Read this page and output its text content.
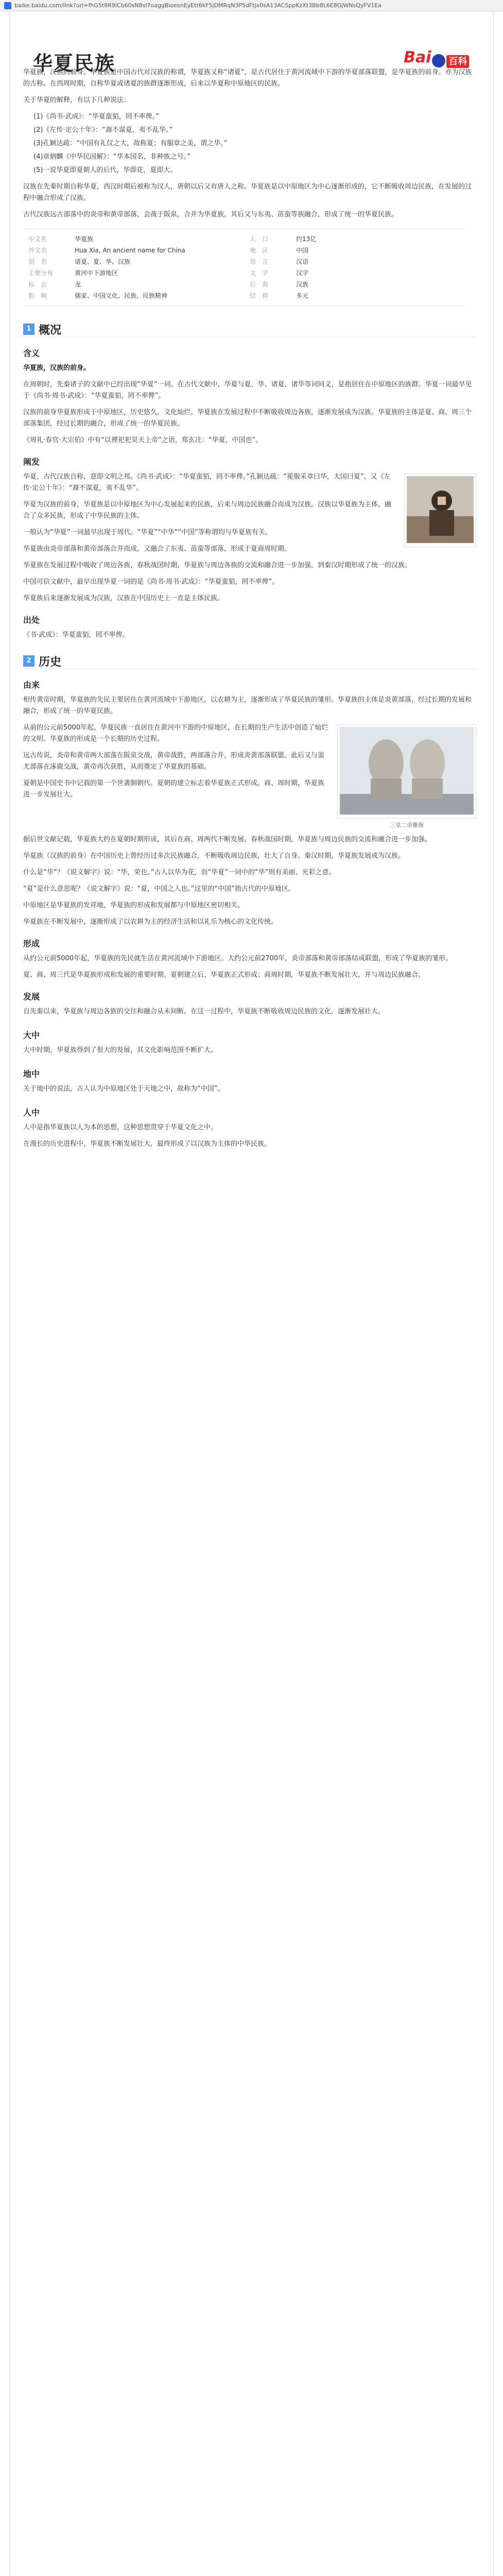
baike.baidu.com/link?url=fhG5t8R9iCb60sN8sI7oaggBioesnEyEtt6kF5jDMRqN3P5dFtjx0sA13ACSppKzXt3Bb8L6E8GjWNsQyFV1Ea
华夏民族	Bai 百科

华夏族，汉族的前身。华夏族是中国古代对汉族的称谓，华夏族又称“诸夏”，是古代居住于黄河流域中下游的华夏部落联盟，是华夏族的前身。亦为汉族的古称。在西周时期，自称华夏或诸夏的族群逐渐形成，后来以华夏称中原地区的民族。

关于华夏的解释，有以下几种说法：

(1)《尚书·武成》：“华夏蛮貊，罔不率俾。”
(2)《左传·定公十年》：“裔不谋夏，夷不乱华。”
(3)孔颖达疏：“中国有礼仪之大，故称夏；有服章之美，谓之华。”
(4)章炳麟《中华民国解》：“华本国名，非种族之号。”
(5)一说华夏即夏朝人的后代，华即花，夏即大。

汉族在先秦时期自称华夏，西汉时期后被称为汉人，唐朝以后又有唐人之称。华夏族是以中原地区为中心逐渐形成的，它不断吸收周边民族，在发展的过程中融合形成了汉族。

古代汉族远古部落中的炎帝和黄帝部落，会战于阪泉，合并为华夏族，其后又与东夷、苗蛮等族融合，形成了统一的华夏民族。

中文名	华夏族	人　口	约13亿
外文名	Hua Xia, An ancient name for China	地　区	中国
别　名	诸夏、夏、华、汉族	语　言	汉语
主要分布	黄河中下游地区	文　字	汉字
标　志	龙	后　裔	汉族
影　响	儒家、中国文化、民族、民族精神	信　仰	多元
1 概况
含义

华夏族，汉族的前身。

在周朝时，先秦诸子的文献中已经出现“华夏”一词。在古代文献中，华夏与夏、华、诸夏、诸华等词同义，是指居住在中原地区的族群。华夏一词最早见于《尚书·周书·武成》：“华夏蛮貊，罔不率俾”。

汉族的前身华夏族形成于中原地区，历史悠久，文化灿烂。华夏族在发展过程中不断吸收周边各族，逐渐发展成为汉族。华夏族的主体是夏、商、周三个部落集团，经过长期的融合，形成了统一的华夏民族。

《周礼·春官·大宗伯》中有“以禋祀祀昊天上帝”之语，郑玄注：“华夏，中国也”。

阐发

华夏，古代汉族自称，意即文明之邦。《尚书·武成》：“华夏蛮貊，罔不率俾。”孔颖达疏：“冕服采章曰华，大国曰夏”。又《左传·定公十年》：“裔不谋夏，夷不乱华”。

华夏为汉族的前身，华夏族是以中原地区为中心发展起来的民族，后来与周边民族融合而成为汉族。汉族以华夏族为主体，融合了众多民族，形成了中华民族的主体。

一般认为“华夏”一词最早出现于周代。“华夏”“中华”“中国”等称谓均与华夏族有关。

华夏族由炎帝部落和黄帝部落合并而成，又融合了东夷、苗蛮等部落，形成于夏商周时期。

华夏族在发展过程中吸收了周边各族，春秋战国时期，华夏族与周边各族的交流和融合进一步加强，到秦汉时期形成了统一的汉族。

中国可信文献中，最早出现华夏一词的是《尚书·周书·武成》：“华夏蛮貊，罔不率俾”。

华夏族后来逐渐发展成为汉族，汉族在中国历史上一直是主体民族。

出处

《书·武成》：华夏蛮貊，罔不率俾。

2 历史
由来

相传黄帝时期，华夏族的先民主要居住在黄河流域中下游地区，以农耕为主，逐渐形成了华夏民族的雏形。华夏族的主体是炎黄部落，经过长期的发展和融合，形成了统一的华夏民族。

三皇二帝雕像

从前的公元前5000年起，华夏民族一直居住在黄河中下游的中原地区，在长期的生产生活中创造了灿烂的文明。华夏族的形成是一个长期的历史过程。

远古传说，炎帝和黄帝两大部落在阪泉交战，黄帝战胜，两部落合并，形成炎黄部落联盟。此后又与蚩尤部落在涿鹿交战，黄帝再次获胜，从而奠定了华夏族的基础。

夏朝是中国史书中记载的第一个世袭制朝代。夏朝的建立标志着华夏族正式形成。商、周时期，华夏族进一步发展壮大。

据后世文献记载，华夏族大约在夏朝时期形成，其后在商、周两代不断发展。春秋战国时期，华夏族与周边民族的交流和融合进一步加强。

华夏族（汉族的前身）在中国历史上曾经历过多次民族融合，不断吸收周边民族，壮大了自身。秦汉时期，华夏族发展成为汉族。

什么是“华”？《说文解字》说：“华，荣也。”古人以华为花，而“华夏”一词中的“华”则有美丽、光彩之意。

“夏”是什么意思呢？《说文解字》说：“夏，中国之人也。”这里的“中国”指古代的中原地区。

中原地区是华夏族的发祥地，华夏族的形成和发展都与中原地区密切相关。

华夏族在不断发展中，逐渐形成了以农耕为主的经济生活和以礼乐为核心的文化传统。

形成

从约公元前5000年起，华夏族的先民就生活在黄河流域中下游地区。大约公元前2700年，炎帝部落和黄帝部落结成联盟，形成了华夏族的雏形。

夏、商、周三代是华夏族形成和发展的重要时期。夏朝建立后，华夏族正式形成；商周时期，华夏族不断发展壮大，并与周边民族融合。

发展

自先秦以来，华夏族与周边各族的交往和融合从未间断。在这一过程中，华夏族不断吸收周边民族的文化，逐渐发展壮大。

大中

大中时期，华夏族得到了很大的发展，其文化影响范围不断扩大。

地中

关于地中的说法，古人认为中原地区处于天地之中，故称为“中国”。

人中

人中是指华夏族以人为本的思想，这种思想贯穿于华夏文化之中。

在漫长的历史进程中，华夏族不断发展壮大，最终形成了以汉族为主体的中华民族。
